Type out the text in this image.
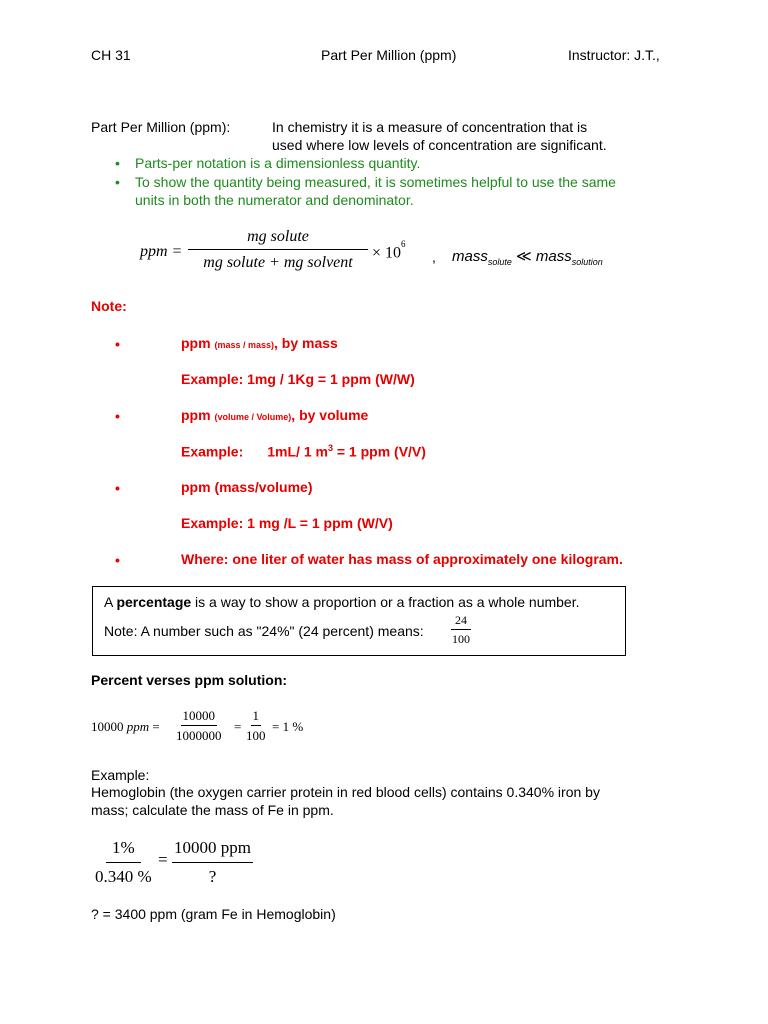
CH 31	Part Per Million (ppm)	Instructor: J.T.,
Part Per Million (ppm):	In chemistry it is a measure of concentration that is
used where low levels of concentration are significant.
• Parts-per notation is a dimensionless quantity.
• To show the quantity being measured, it is sometimes helpful to use the same
units in both the numerator and denominator.
ppm = $\frac{\text{mg solute}}{\text{mg solute + mg solvent}} \times 10^6$
, mass$_{solute}$ ≪ mass$_{solution}$
Note:
•	ppm (mass / mass), by mass
Example: 1mg / 1Kg = 1 ppm (W/W)
•	ppm (volume / Volume), by volume
Example: 1mL/ 1 $m^3 = 1$ ppm (V/V)
•	ppm (mass/volume)
Example: 1 mg /L = 1 ppm (W/V)
•	Where: one liter of water has mass of approximately one kilogram.
A percentage is a way to show a proportion or a fraction as a whole number.
Note: A number such as "24%" (24 percent) means: $\frac{24}{100}$
Percent verses ppm solution:
10000 ppm = $\frac{10000}{1000000} = \frac{1}{100} = 1$ %
Example:
Hemoglobin (the oxygen carrier protein in red blood cells) contains 0.340% iron by
mass; calculate the mass of Fe in ppm.
$\frac{1\%}{0.340 \%} = \frac{\text{10000 ppm}}{?}$
? = 3400 ppm (gram Fe in Hemoglobin)
